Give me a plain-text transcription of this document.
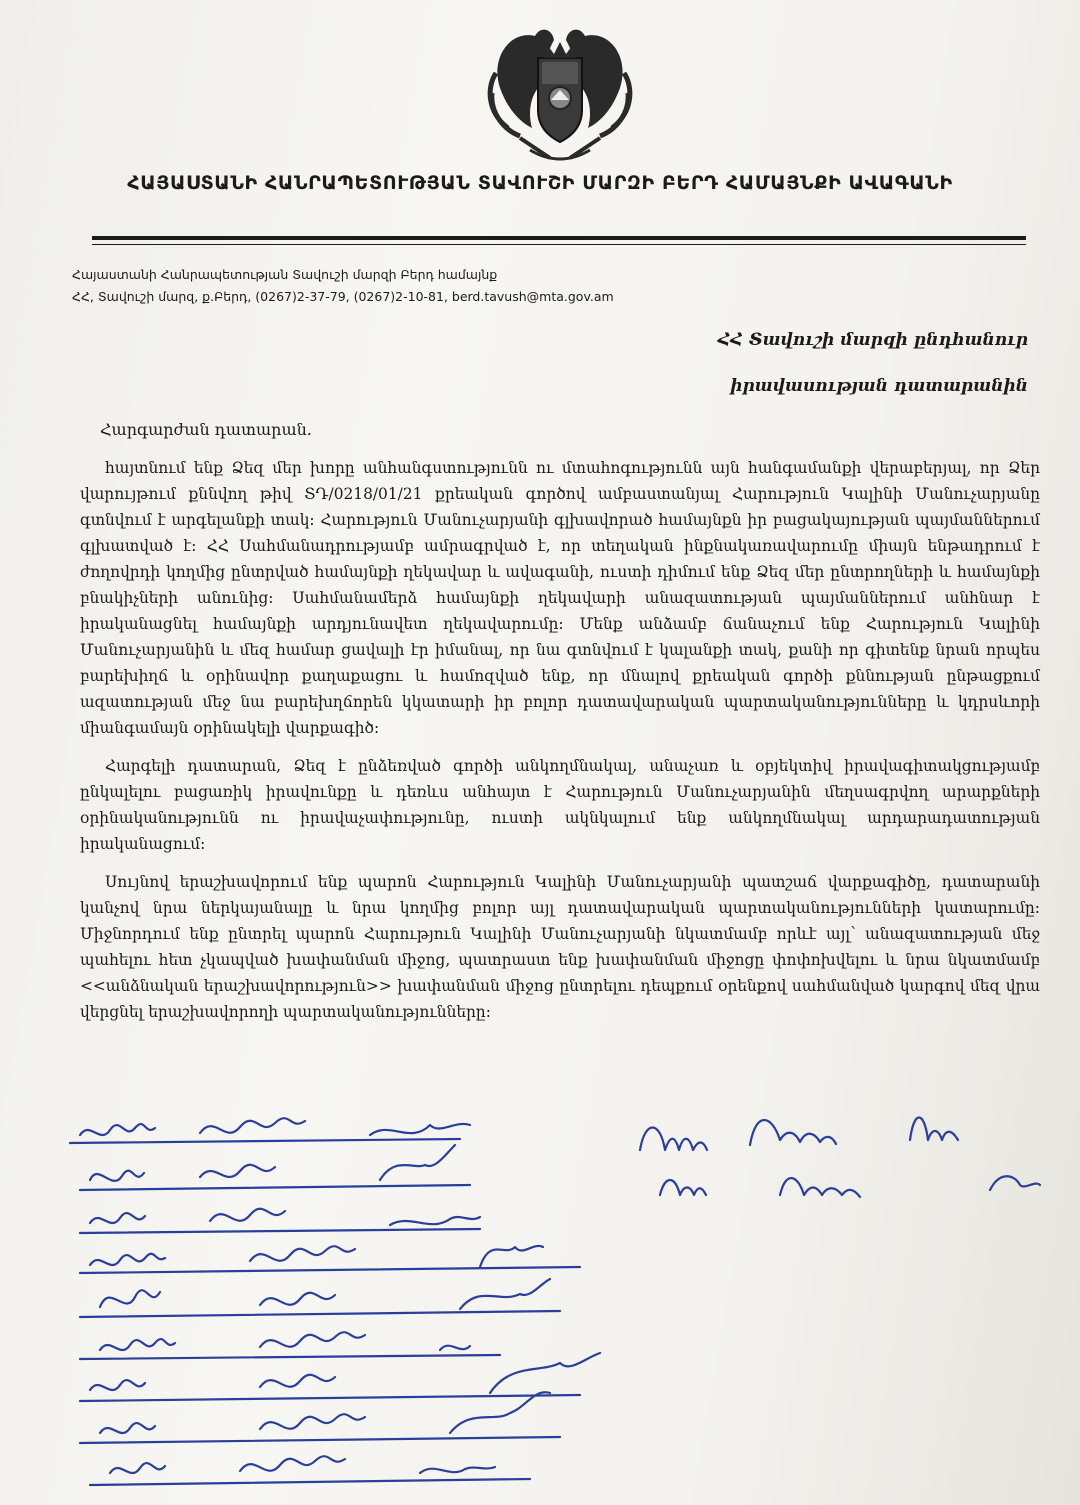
ՀԱՅԱՍՏԱՆԻ ՀԱՆՐԱՊԵՏՈՒԹՅԱՆ ՏԱՎՈՒՇԻ ՄԱՐԶԻ ԲԵՐԴ ՀԱՄԱՅՆՔԻ ԱՎԱԳԱՆԻ
Հայաստանի Հանրապետության Տավուշի մարզի Բերդ համայնք
ՀՀ, Տավուշի մարզ, ք.Բերդ, (0267)2-37-79, (0267)2-10-81, berd.tavush@mta.gov.am
ՀՀ Տավուշի մարզի ընդհանուր
իրավասության դատարանին
Հարգարժան դատարան.

հայտնում ենք Ձեզ մեր խորը անհանգստությունն ու մտահոգությունն այն հանգամանքի վերաբերյալ, որ Ձեր վարույթում քննվող թիվ ՏԴ/0218/01/21 քրեական գործով ամբաստանյալ Հարություն Կալինի Մանուչարյանը գտնվում է արգելանքի տակ: Հարություն Մանուչարյանի գլխավորած համայնքն իր բացակայության պայմաններում գլխատված է: ՀՀ Սահմանադրությամբ ամրագրված է, որ տեղական ինքնակառավարումը միայն ենթադրում է ժողովրդի կողմից ընտրված համայնքի ղեկավար և ավագանի, ուստի դիմում ենք Ձեզ մեր ընտրողների և համայնքի բնակիչների անունից: Սահմանամերձ համայնքի ղեկավարի անազատության պայմաններում անհնար է իրականացնել համայնքի արդյունավետ ղեկավարումը: Մենք անձամբ ճանաչում ենք Հարություն Կալինի Մանուչարյանին և մեզ համար ցավալի էր իմանալ, որ նա գտնվում է կալանքի տակ, քանի որ գիտենք նրան որպես բարեխիղճ և օրինավոր քաղաքացու և համոզված ենք, որ մնալով քրեական գործի քննության ընթացքում ազատության մեջ նա բարեխղճորեն կկատարի իր բոլոր դատավարական պարտականությունները և կդրսևորի միանգամայն օրինակելի վարքագիծ:

Հարգելի դատարան, Ձեզ է ընձեռված գործի անկողմնակալ, անաչառ և օբյեկտիվ իրավագիտակցությամբ ընկալելու բացառիկ իրավունքը և դեռևս անհայտ է Հարություն Մանուչարյանին մեղսագրվող արարքների օրինականությունն ու իրավաչափությունը, ուստի ակնկալում ենք անկողմնակալ արդարադատության իրականացում:

Սույնով երաշխավորում ենք պարոն Հարություն Կալինի Մանուչարյանի պատշաճ վարքագիծը, դատարանի կանչով նրա ներկայանալը և նրա կողմից բոլոր այլ դատավարական պարտականությունների կատարումը: Միջնորդում ենք ընտրել պարոն Հարություն Կալինի Մանուչարյանի նկատմամբ որևէ այլ՝ անազատության մեջ պահելու հետ չկապված խափանման միջոց, պատրաստ ենք խափանման միջոցը փոփոխվելու և նրա նկատմամբ <<անձնական երաշխավորություն>> խափանման միջոց ընտրելու դեպքում օրենքով սահմանված կարգով մեզ վրա վերցնել երաշխավորողի պարտականությունները:
